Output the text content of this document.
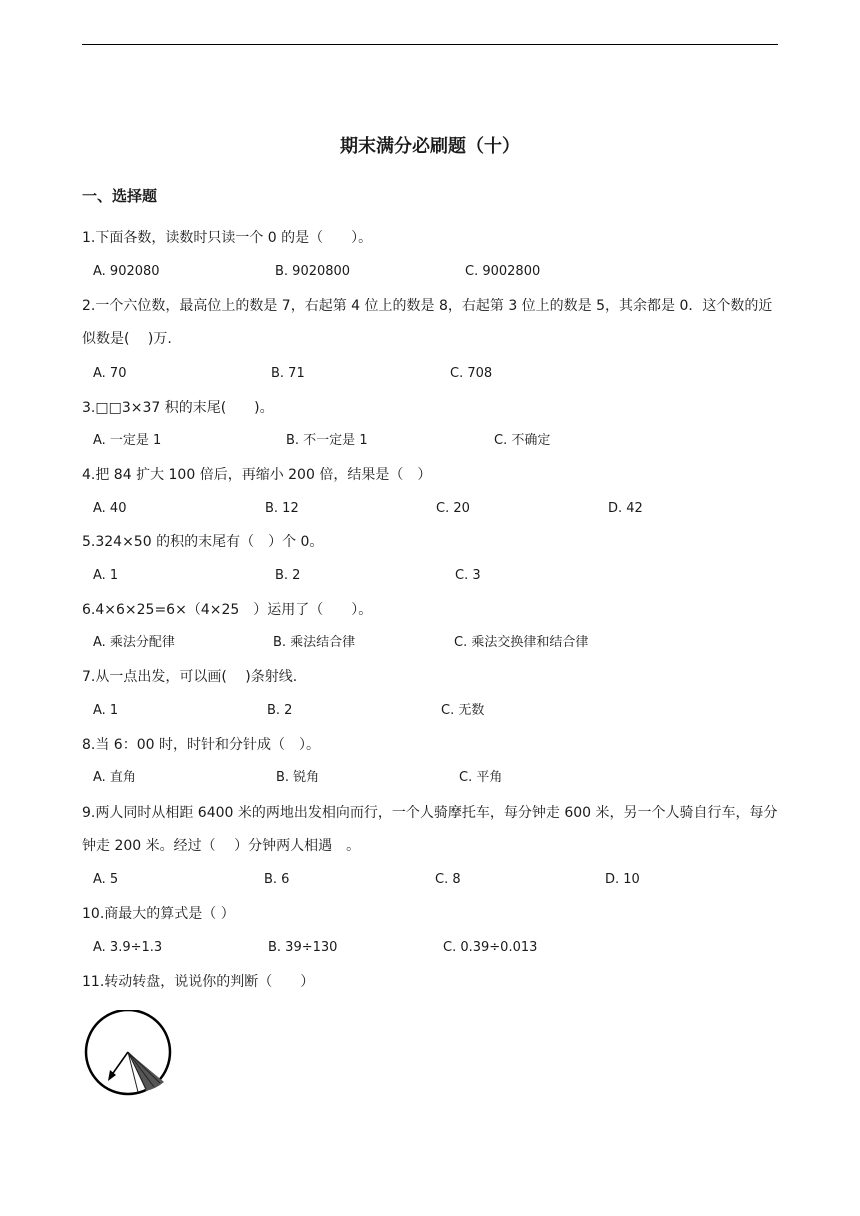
期末满分必刷题（十）
一、选择题
1.下面各数，读数时只读一个 0 的是（　　）。
A. 902080	B. 9020800	C. 9002800
2.一个六位数，最高位上的数是 7，右起第 4 位上的数是 8，右起第 3 位上的数是 5，其余都是 0．这个数的近似数是(　 )万.
A. 70	B. 71	C. 708
3.□□3×37 积的末尾(　　)。
A. 一定是 1	B. 不一定是 1	C. 不确定
4.把 84 扩大 100 倍后，再缩小 200 倍，结果是（　）
A. 40	B. 12	C. 20	D. 42
5.324×50 的积的末尾有（　）个 0。
A. 1	B. 2	C. 3
6.4×6×25=6×（4×25　）运用了（　　）。
A. 乘法分配律	B. 乘法结合律	C. 乘法交换律和结合律
7.从一点出发，可以画(　 )条射线.
A. 1	B. 2	C. 无数
8.当 6：00 时，时针和分针成（　）。
A. 直角	B. 锐角	C. 平角
9.两人同时从相距 6400 米的两地出发相向而行，一个人骑摩托车，每分钟走 600 米，另一个人骑自行车，每分钟走 200 米。经过（　 ）分钟两人相遇　。
A. 5	B. 6	C. 8	D. 10
10.商最大的算式是（ ）
A. 3.9÷1.3	B. 39÷130	C. 0.39÷0.013
11.转动转盘，说说你的判断（　　）
